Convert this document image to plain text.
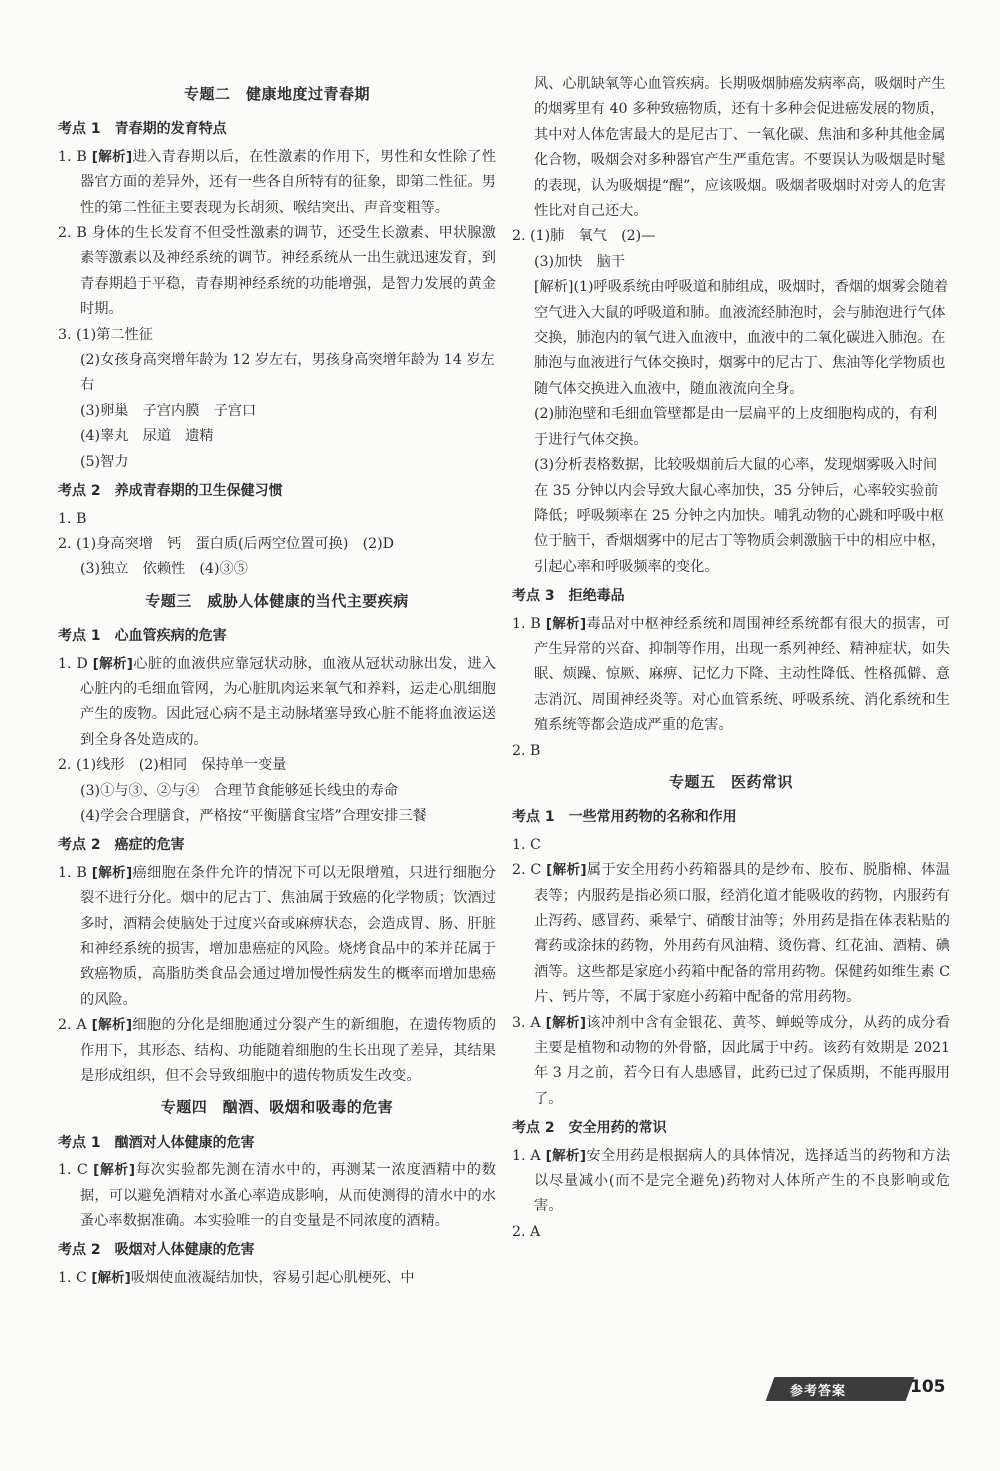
专题二　健康地度过青春期
考点 1　青春期的发育特点
1. B [解析]进入青春期以后，在性激素的作用下，男性和女性除了性器官方面的差异外，还有一些各自所特有的征象，即第二性征。男性的第二性征主要表现为长胡须、喉结突出、声音变粗等。
2. B 身体的生长发育不但受性激素的调节，还受生长激素、甲状腺激素等激素以及神经系统的调节。神经系统从一出生就迅速发育，到青春期趋于平稳，青春期神经系统的功能增强，是智力发展的黄金时期。
3. (1)第二性征
(2)女孩身高突增年龄为 12 岁左右，男孩身高突增年龄为 14 岁左右
(3)卵巢　子宫内膜　子宫口
(4)睾丸　尿道　遗精
(5)智力
考点 2　养成青春期的卫生保健习惯
1. B
2. (1)身高突增　钙　蛋白质(后两空位置可换)　(2)D
(3)独立　依赖性　(4)③⑤
专题三　威胁人体健康的当代主要疾病
考点 1　心血管疾病的危害
1. D [解析]心脏的血液供应靠冠状动脉，血液从冠状动脉出发，进入心脏内的毛细血管网，为心脏肌肉运来氧气和养料，运走心肌细胞产生的废物。因此冠心病不是主动脉堵塞导致心脏不能将血液运送到全身各处造成的。
2. (1)线形　(2)相同　保持单一变量
(3)①与③、②与④　合理节食能够延长线虫的寿命
(4)学会合理膳食，严格按“平衡膳食宝塔”合理安排三餐
考点 2　癌症的危害
1. B [解析]癌细胞在条件允许的情况下可以无限增殖，只进行细胞分裂不进行分化。烟中的尼古丁、焦油属于致癌的化学物质；饮酒过多时，酒精会使脑处于过度兴奋或麻痹状态，会造成胃、肠、肝脏和神经系统的损害，增加患癌症的风险。烧烤食品中的苯并芘属于致癌物质，高脂肪类食品会通过增加慢性病发生的概率而增加患癌的风险。
2. A [解析]细胞的分化是细胞通过分裂产生的新细胞，在遗传物质的作用下，其形态、结构、功能随着细胞的生长出现了差异，其结果是形成组织，但不会导致细胞中的遗传物质发生改变。
专题四　酗酒、吸烟和吸毒的危害
考点 1　酗酒对人体健康的危害
1. C [解析]每次实验都先测在清水中的，再测某一浓度酒精中的数据，可以避免酒精对水蚤心率造成影响，从而使测得的清水中的水蚤心率数据准确。本实验唯一的自变量是不同浓度的酒精。
考点 2　吸烟对人体健康的危害
1. C [解析]吸烟使血液凝结加快，容易引起心肌梗死、中
风、心肌缺氧等心血管疾病。长期吸烟肺癌发病率高，吸烟时产生的烟雾里有 40 多种致癌物质，还有十多种会促进癌发展的物质，其中对人体危害最大的是尼古丁、一氧化碳、焦油和多种其他金属化合物，吸烟会对多种器官产生严重危害。不要误认为吸烟是时髦的表现，认为吸烟提“醒”，应该吸烟。吸烟者吸烟时对旁人的危害性比对自己还大。
2. (1)肺　氧气　(2)—
(3)加快　脑干
[解析](1)呼吸系统由呼吸道和肺组成，吸烟时，香烟的烟雾会随着空气进入大鼠的呼吸道和肺。血液流经肺泡时，会与肺泡进行气体交换，肺泡内的氧气进入血液中，血液中的二氧化碳进入肺泡。在肺泡与血液进行气体交换时，烟雾中的尼古丁、焦油等化学物质也随气体交换进入血液中，随血液流向全身。
(2)肺泡壁和毛细血管壁都是由一层扁平的上皮细胞构成的，有利于进行气体交换。
(3)分析表格数据，比较吸烟前后大鼠的心率，发现烟雾吸入时间在 35 分钟以内会导致大鼠心率加快，35 分钟后，心率较实验前降低；呼吸频率在 25 分钟之内加快。哺乳动物的心跳和呼吸中枢位于脑干，香烟烟雾中的尼古丁等物质会刺激脑干中的相应中枢，引起心率和呼吸频率的变化。
考点 3　拒绝毒品
1. B [解析]毒品对中枢神经系统和周围神经系统都有很大的损害，可产生异常的兴奋、抑制等作用，出现一系列神经、精神症状，如失眠、烦躁、惊厥、麻痹、记忆力下降、主动性降低、性格孤僻、意志消沉、周围神经炎等。对心血管系统、呼吸系统、消化系统和生殖系统等都会造成严重的危害。
2. B
专题五　医药常识
考点 1　一些常用药物的名称和作用
1. C
2. C [解析]属于安全用药小药箱器具的是纱布、胶布、脱脂棉、体温表等；内服药是指必须口服，经消化道才能吸收的药物，内服药有止泻药、感冒药、乘晕宁、硝酸甘油等；外用药是指在体表粘贴的膏药或涂抹的药物，外用药有风油精、烫伤膏、红花油、酒精、碘酒等。这些都是家庭小药箱中配备的常用药物。保健药如维生素 C 片、钙片等，不属于家庭小药箱中配备的常用药物。
3. A [解析]该冲剂中含有金银花、黄芩、蝉蜕等成分，从药的成分看主要是植物和动物的外骨骼，因此属于中药。该药有效期是 2021 年 3 月之前，若今日有人患感冒，此药已过了保质期，不能再服用了。
考点 2　安全用药的常识
1. A [解析]安全用药是根据病人的具体情况，选择适当的药物和方法以尽量减小(而不是完全避免)药物对人体所产生的不良影响或危害。
2. A
参考答案	105
